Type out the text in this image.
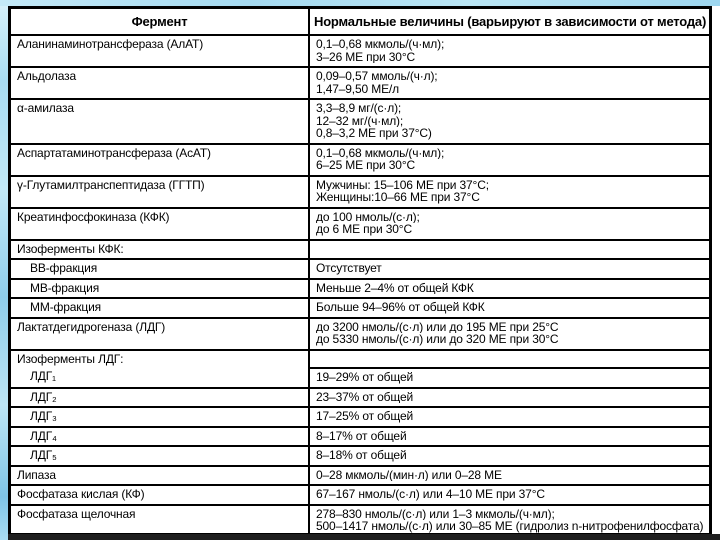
Фермент	Нормальные величины (варьируют в зависимости от метода)
Аланинаминотрансфераза (АлАТ)	0,1–0,68 мкмоль/(ч·мл);
3–26 МЕ при 30°С

Альдолаза	0,09–0,57 ммоль/(ч·л);
1,47–9,50 МЕ/л

α-амилаза	3,3–8,9 мг/(с·л);
12–32 мг/(ч·мл);
0,8–3,2 МЕ при 37°С)

Аспартатаминотрансфераза (АсАТ)	0,1–0,68 мкмоль/(ч·мл);
6–25 МЕ при 30°С

γ-Глутамилтранспептидаза (ГГТП)	Мужчины: 15–106 МЕ при 37°С;
Женщины:10–66 МЕ при 37°С

Креатинфосфокиназа (КФК)	до 100 нмоль/(с·л);
до 6 МЕ при 30°С

Изоферменты КФК:	
ВВ-фракция	Отсутствует

МВ-фракция	Меньше 2–4% от общей КФК

ММ-фракция	Больше 94–96% от общей КФК

Лактатдегидрогеназа (ЛДГ)	до 3200 нмоль/(с·л) или до 195 МЕ при 25°С
до 5330 нмоль/(с·л) или до 320 МЕ при 30°С

Изоферменты ЛДГ:	
ЛДГ₁	19–29% от общей

ЛДГ₂	23–37% от общей

ЛДГ₃	17–25% от общей

ЛДГ₄	8–17% от общей

ЛДГ₅	8–18% от общей

Липаза	0–28 мкмоль/(мин·л) или 0–28 МЕ

Фосфатаза кислая (КФ)	67–167 нмоль/(с·л) или 4–10 МЕ при 37°С

Фосфатаза щелочная	278–830 нмоль/(с·л) или 1–3 мкмоль/(ч·мл);
500–1417 нмоль/(с·л) или 30–85 МЕ (гидролиз n-нитрофенилфосфата)
